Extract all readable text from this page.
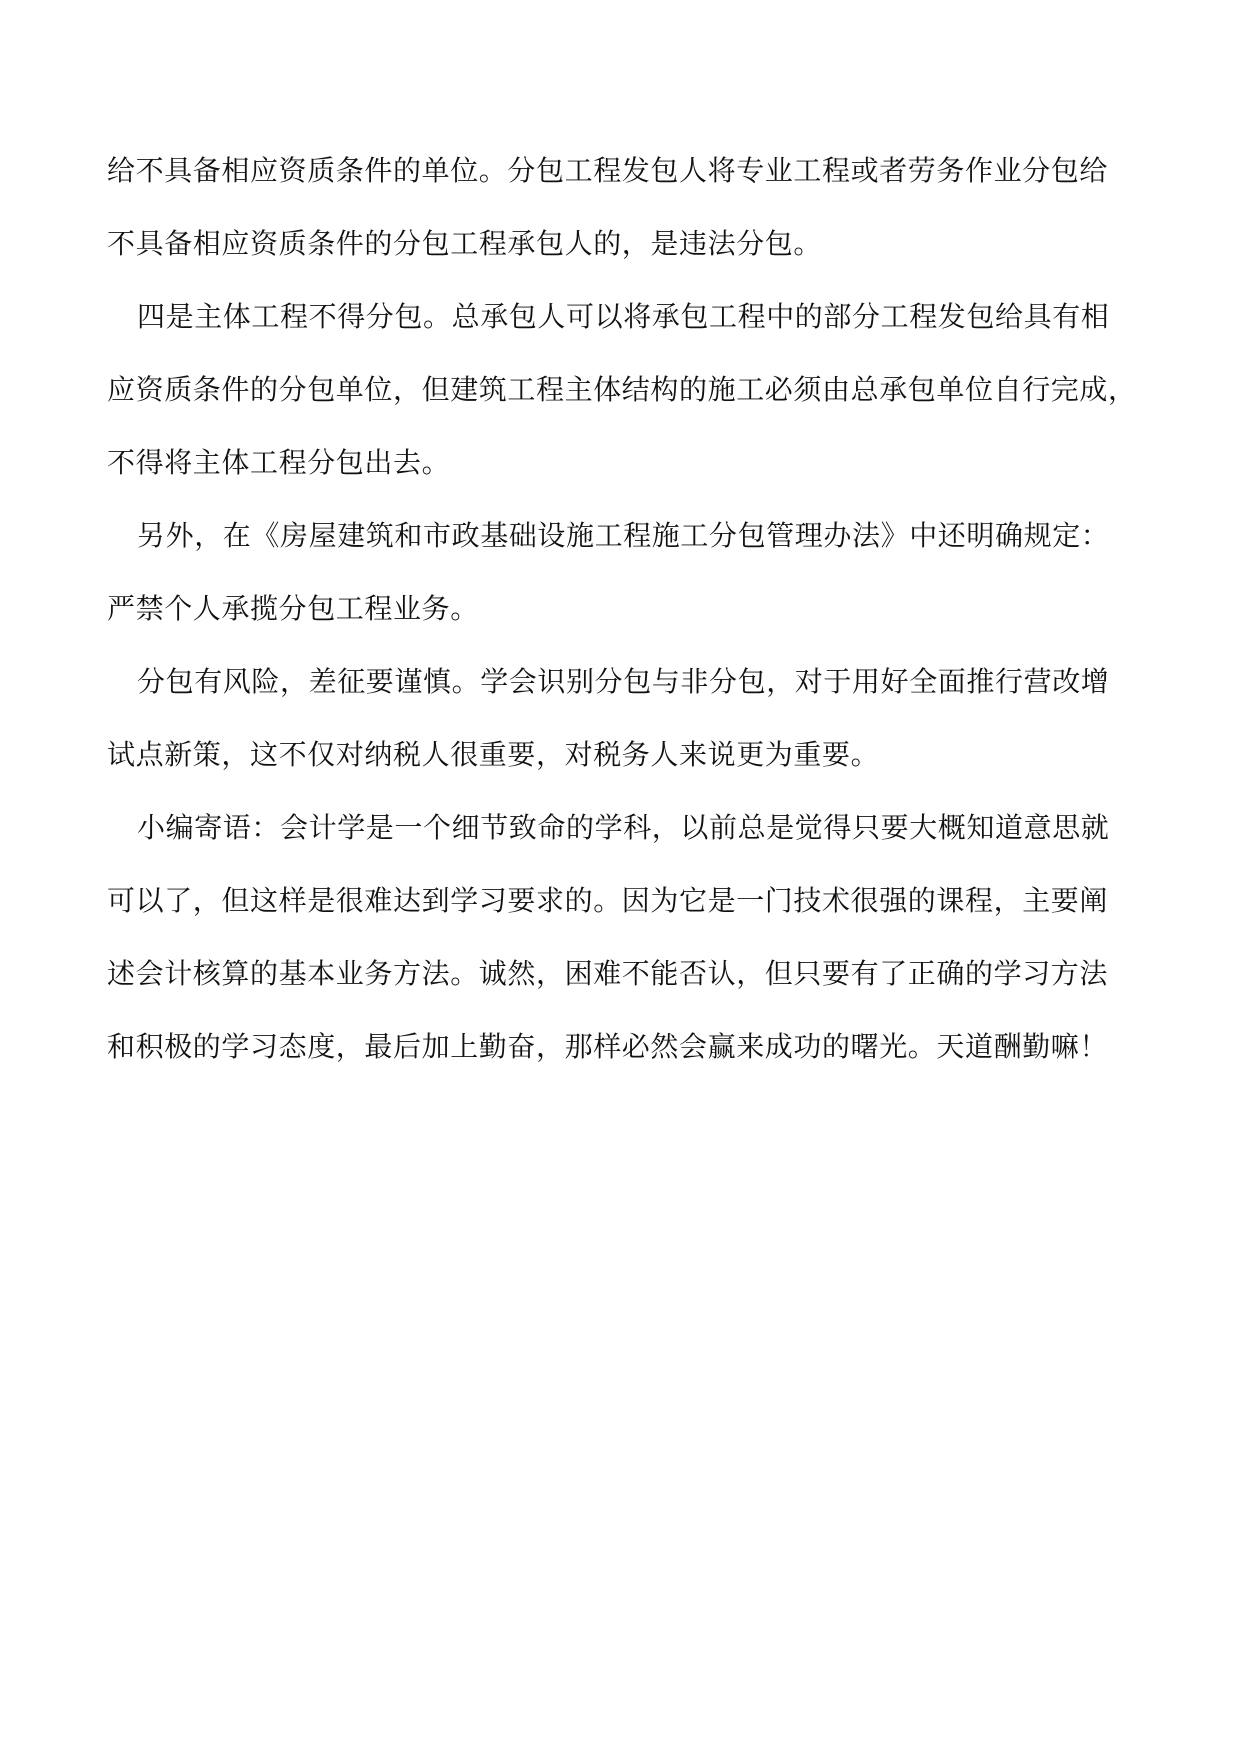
给不具备相应资质条件的单位。分包工程发包人将专业工程或者劳务作业分包给
不具备相应资质条件的分包工程承包人的，是违法分包。
四是主体工程不得分包。总承包人可以将承包工程中的部分工程发包给具有相
应资质条件的分包单位，但建筑工程主体结构的施工必须由总承包单位自行完成，
不得将主体工程分包出去。
另外，在《房屋建筑和市政基础设施工程施工分包管理办法》中还明确规定：
严禁个人承揽分包工程业务。
分包有风险，差征要谨慎。学会识别分包与非分包，对于用好全面推行营改增
试点新策，这不仅对纳税人很重要，对税务人来说更为重要。
小编寄语：会计学是一个细节致命的学科，以前总是觉得只要大概知道意思就
可以了，但这样是很难达到学习要求的。因为它是一门技术很强的课程，主要阐
述会计核算的基本业务方法。诚然，困难不能否认，但只要有了正确的学习方法
和积极的学习态度，最后加上勤奋，那样必然会赢来成功的曙光。天道酬勤嘛！
